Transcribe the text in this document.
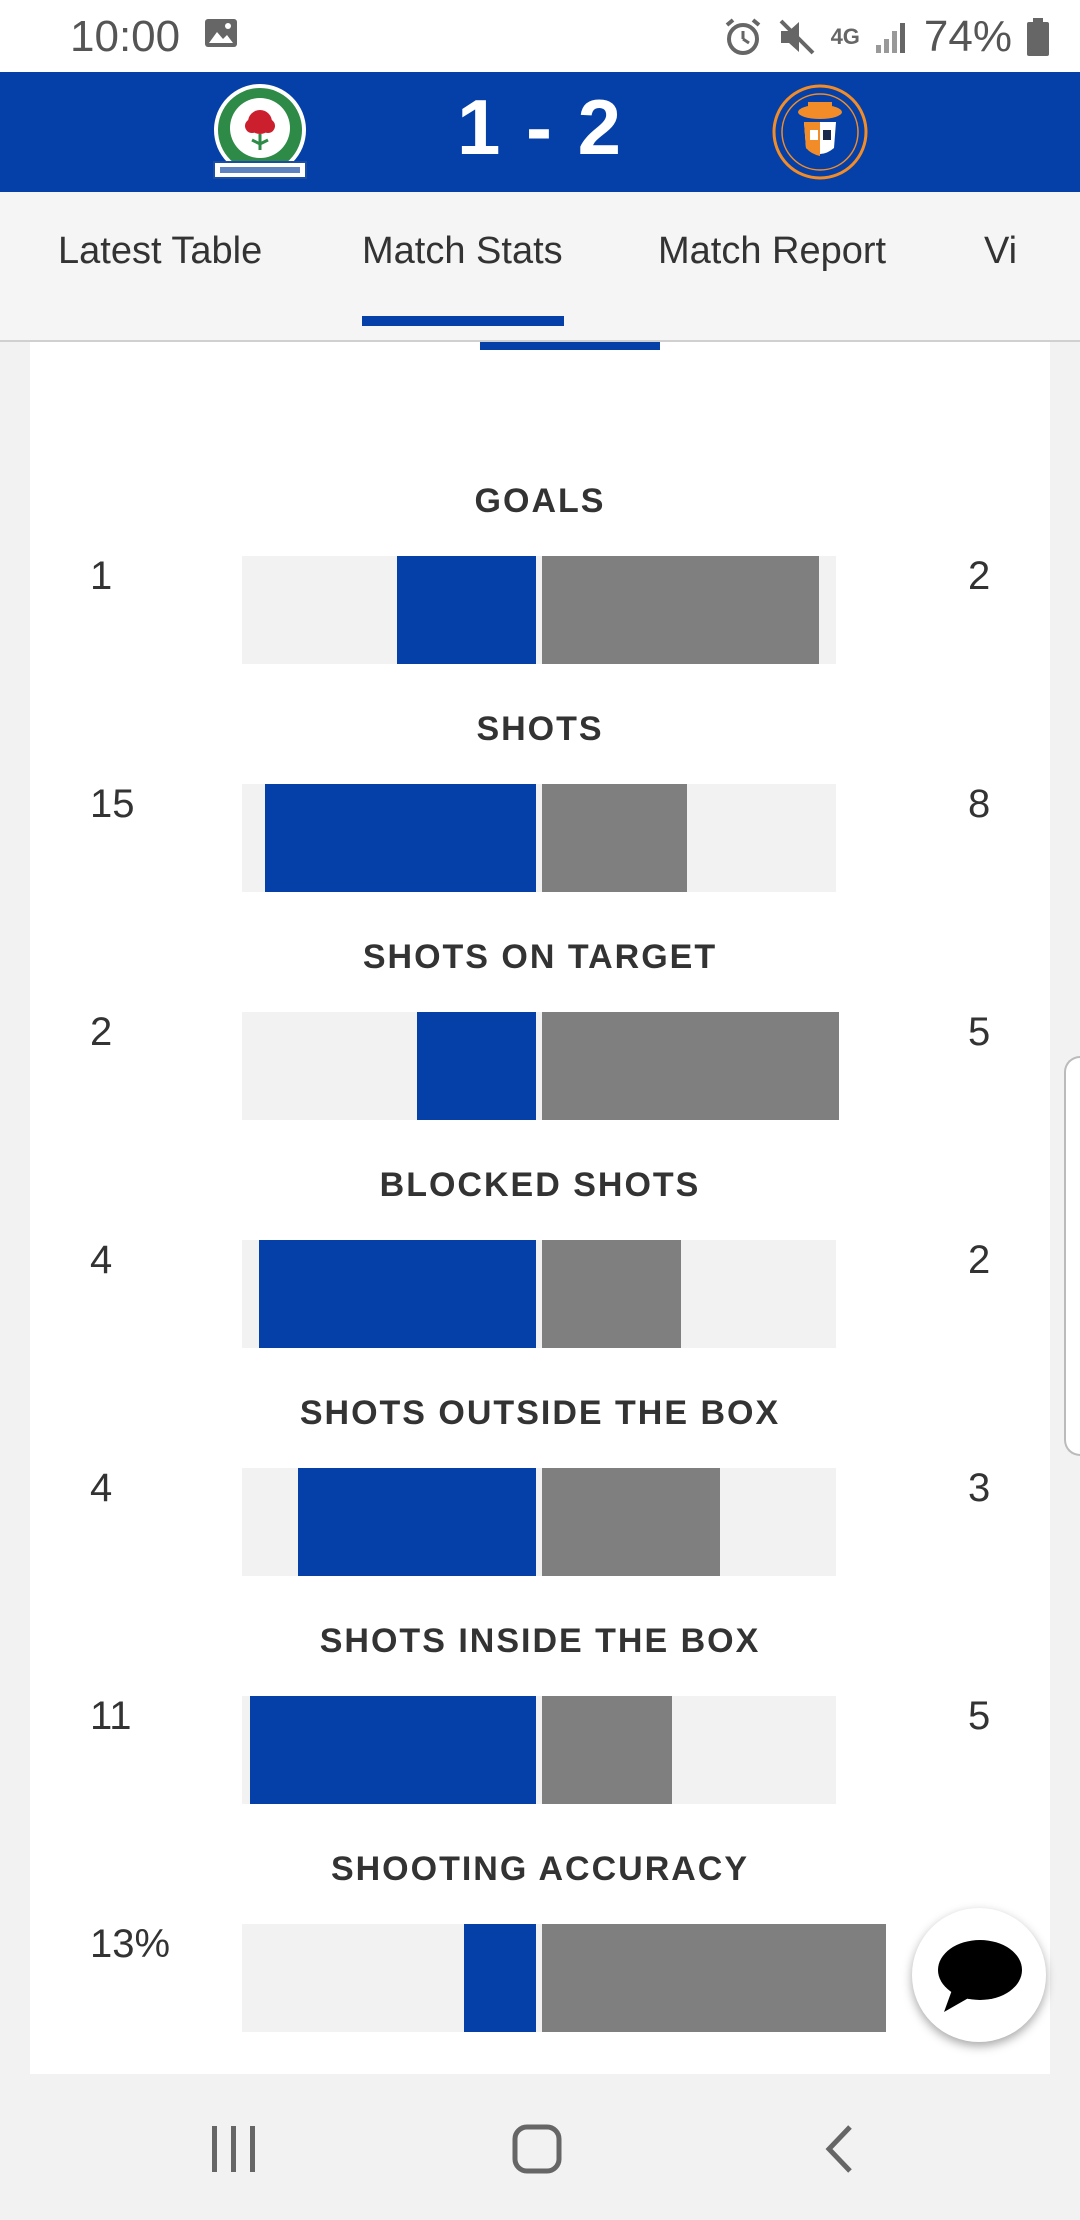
10:00	4G 74%
1 - 2
Latest Table	Match Stats	Match Report	Vi
GOALS
1	2
SHOTS
15	8
SHOTS ON TARGET
2	5
BLOCKED SHOTS
4	2
SHOTS OUTSIDE THE BOX
4	3
SHOTS INSIDE THE BOX
11	5
SHOOTING ACCURACY
13%
